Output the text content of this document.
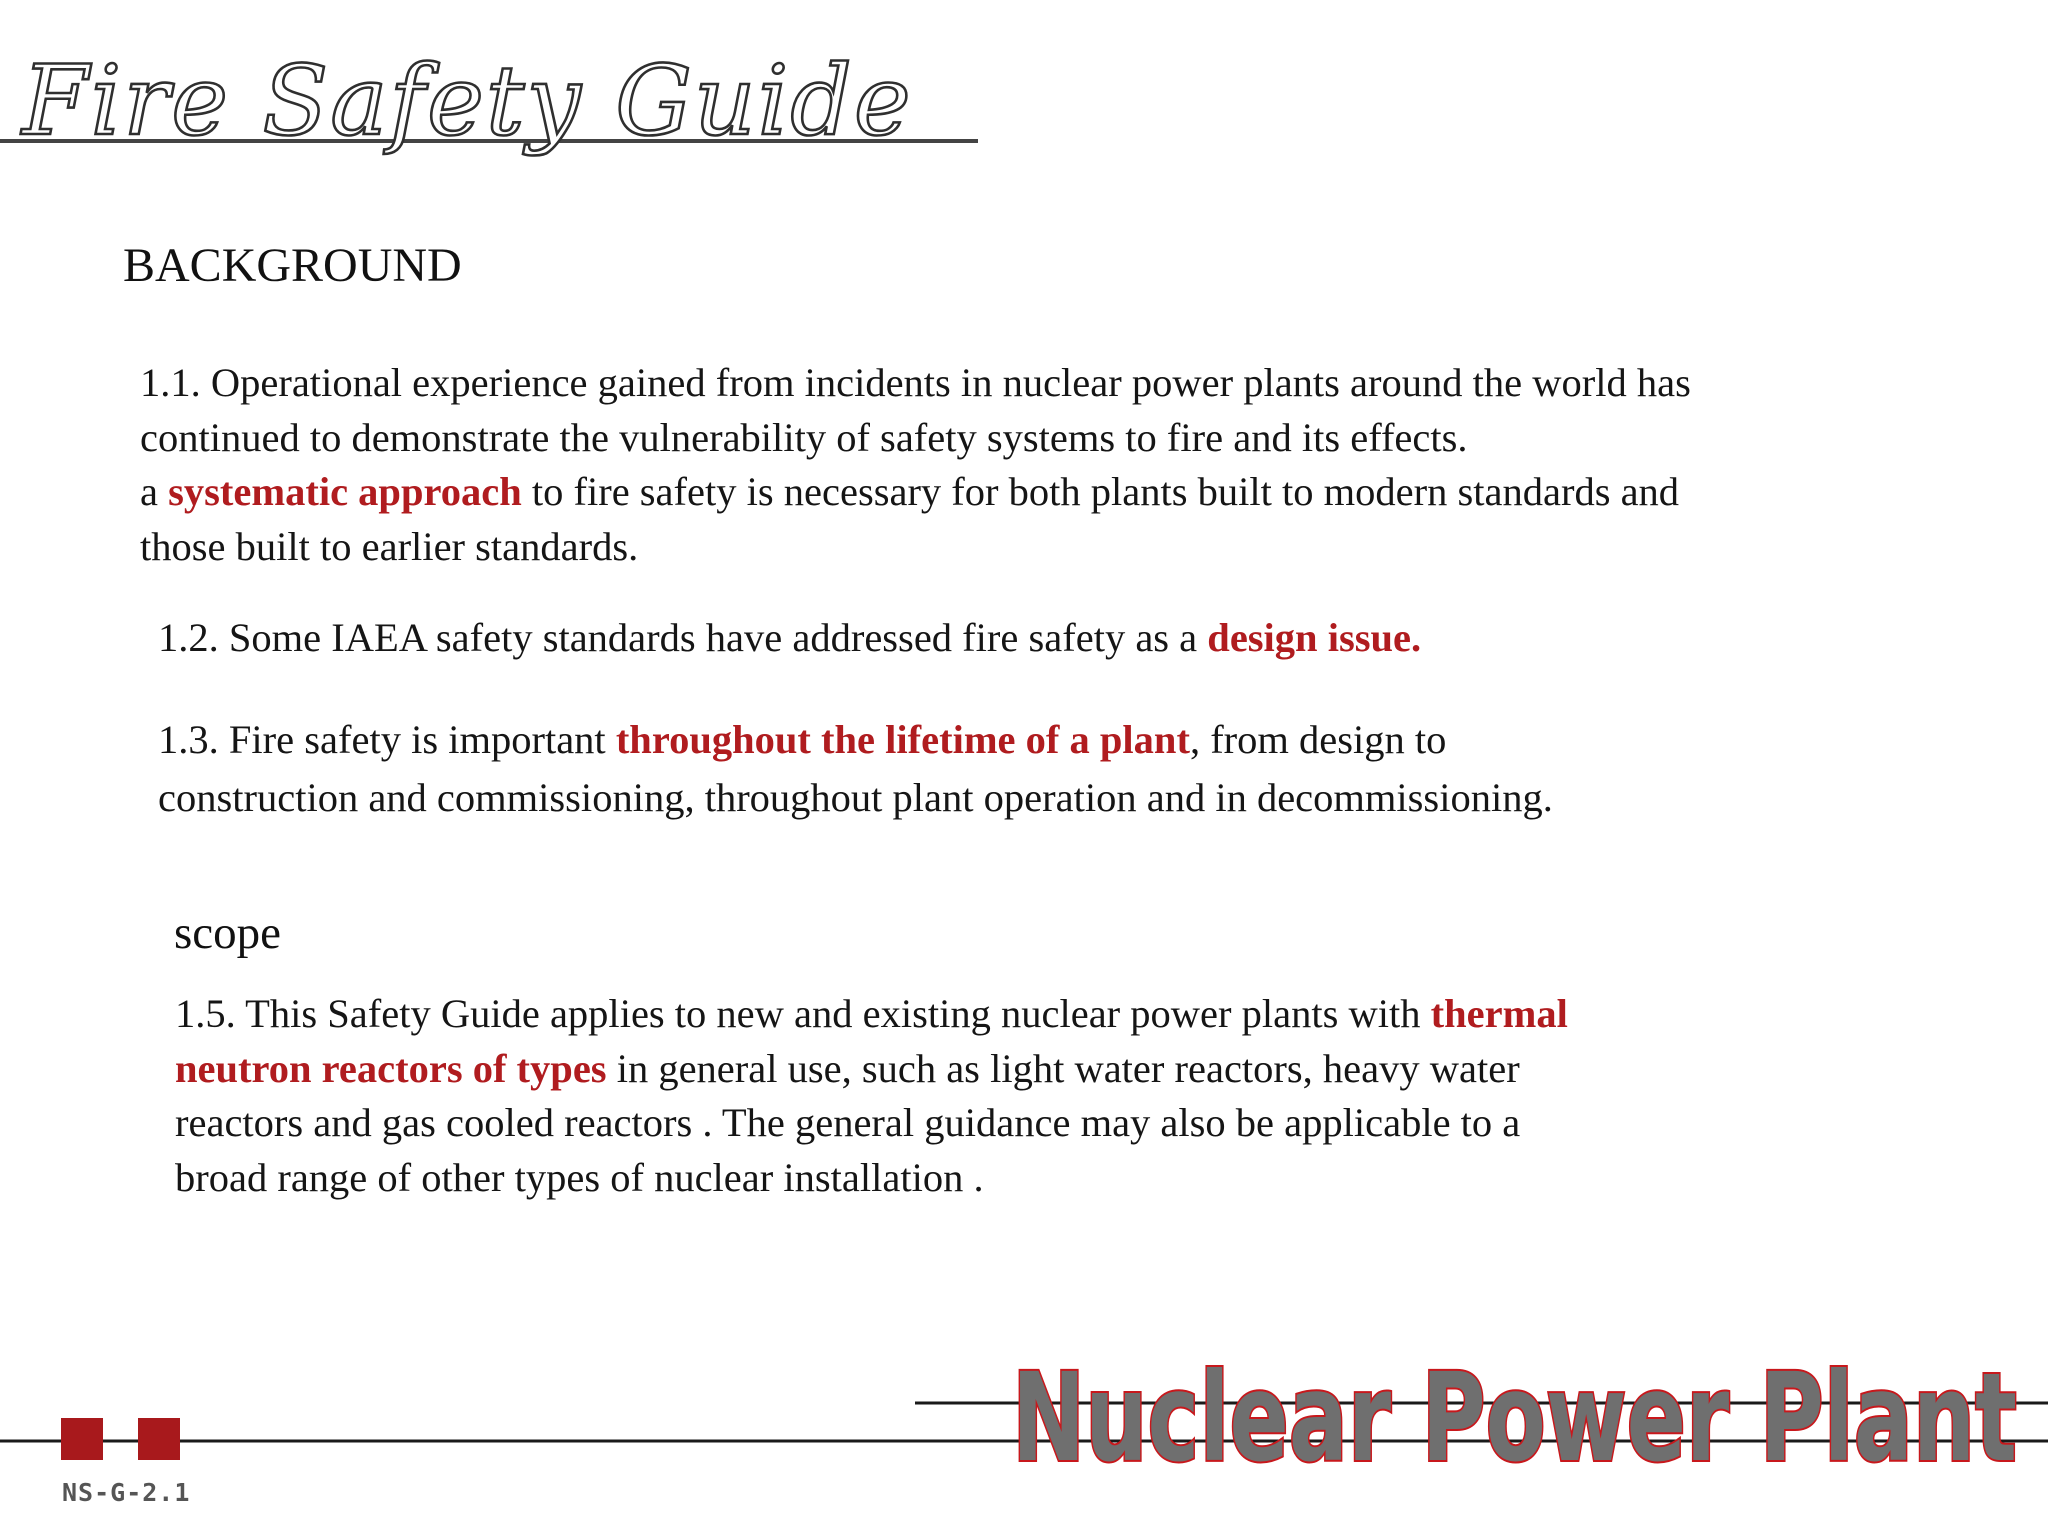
Fire Safety Guide
BACKGROUND
1.1. Operational experience gained from incidents in nuclear power plants around the world has
continued to demonstrate the vulnerability of safety systems to fire and its effects.
a systematic approach to fire safety is necessary for both plants built to modern standards and
those built to earlier standards.
1.2. Some IAEA safety standards have addressed fire safety as a design issue.
1.3. Fire safety is important throughout the lifetime of a plant, from design to
construction and commissioning, throughout plant operation and in decommissioning.
scope
1.5. This Safety Guide applies to new and existing nuclear power plants with thermal
neutron reactors of types in general use, such as light water reactors, heavy water
reactors and gas cooled reactors . The general guidance may also be applicable to a
broad range of other types of nuclear installation .
Nuclear Power Plant
NS-G-2.1
